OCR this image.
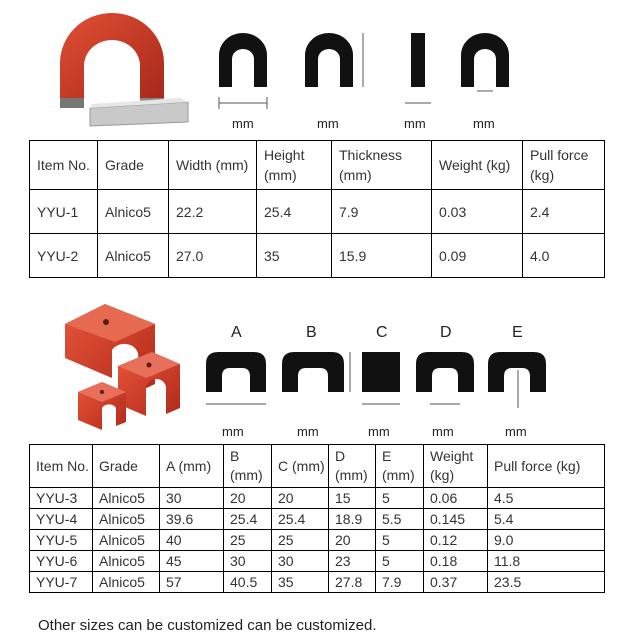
mm	mm	mm	mm
Item No.	Grade	Width (mm)	Height (mm)	Thickness (mm)	Weight (kg)	Pull force (kg)
YYU-1	Alnico5	22.2	25.4	7.9	0.03	2.4
YYU-2	Alnico5	27.0	35	15.9	0.09	4.0
A	B	C	D	E
mm	mm	mm	mm	mm
Item No.	Grade	A (mm)	B (mm)	C (mm)	D (mm)	E (mm)	Weight (kg)	Pull force (kg)
YYU-3	Alnico5	30	20	20	15	5	0.06	4.5
YYU-4	Alnico5	39.6	25.4	25.4	18.9	5.5	0.145	5.4
YYU-5	Alnico5	40	25	25	20	5	0.12	9.0
YYU-6	Alnico5	45	30	30	23	5	0.18	11.8
YYU-7	Alnico5	57	40.5	35	27.8	7.9	0.37	23.5
Other sizes can be customized can be customized.
